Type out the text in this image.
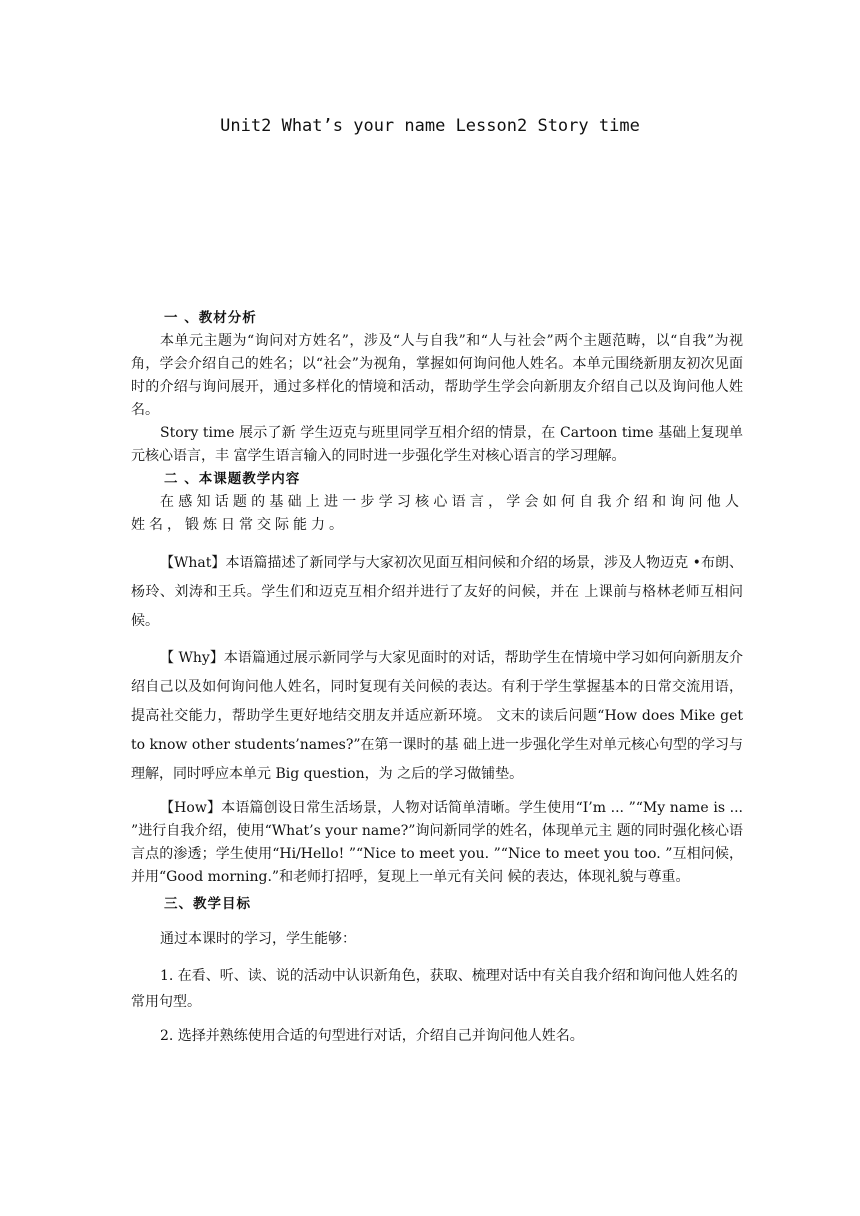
Unit2 What’s your name Lesson2 Story time
一 、教材分析

本单元主题为“询问对方姓名”，涉及“人与自我”和“人与社会”两个主题范畴，以“自我”为视角，学会介绍自己的姓名；以“社会”为视角，掌握如何询问他人姓名。本单元围绕新朋友初次见面时的介绍与询问展开，通过多样化的情境和活动，帮助学生学会向新朋友介绍自己以及询问他人姓名。

Story time 展示了新 学生迈克与班里同学互相介绍的情景，在 Cartoon time 基础上复现单元核心语言，丰 富学生语言输入的同时进一步强化学生对核心语言的学习理解。

二 、本课题教学内容

在感知话题的基础上进一步学习核心语言，学会如何自我介绍和询问他人姓名，锻炼日常交际能力。

【What】本语篇描述了新同学与大家初次见面互相问候和介绍的场景，涉及人物迈克 •布朗、杨玲、刘涛和王兵。学生们和迈克互相介绍并进行了友好的问候，并在 上课前与格林老师互相问候。

【 Why】本语篇通过展示新同学与大家见面时的对话，帮助学生在情境中学习如何向新朋友介绍自己以及如何询问他人姓名，同时复现有关问候的表达。有利于学生掌握基本的日常交流用语，提高社交能力，帮助学生更好地结交朋友并适应新环境。 文末的读后问题“How does Mike get to know other students’names?”在第一课时的基 础上进一步强化学生对单元核心句型的学习与理解，同时呼应本单元 Big question，为 之后的学习做铺垫。

【How】本语篇创设日常生活场景，人物对话简单清晰。学生使用“I’m ... ”“My name is ... ”进行自我介绍，使用“What’s your name?”询问新同学的姓名，体现单元主 题的同时强化核心语言点的渗透；学生使用“Hi/Hello! ”“Nice to meet you. ”“Nice to meet you too. ”互相问候，并用“Good morning.”和老师打招呼，复现上一单元有关问 候的表达，体现礼貌与尊重。

三、教学目标

通过本课时的学习，学生能够：

1. 在看、听、读、说的活动中认识新角色，获取、梳理对话中有关自我介绍和询问他人姓名的常用句型。

2. 选择并熟练使用合适的句型进行对话，介绍自己并询问他人姓名。
